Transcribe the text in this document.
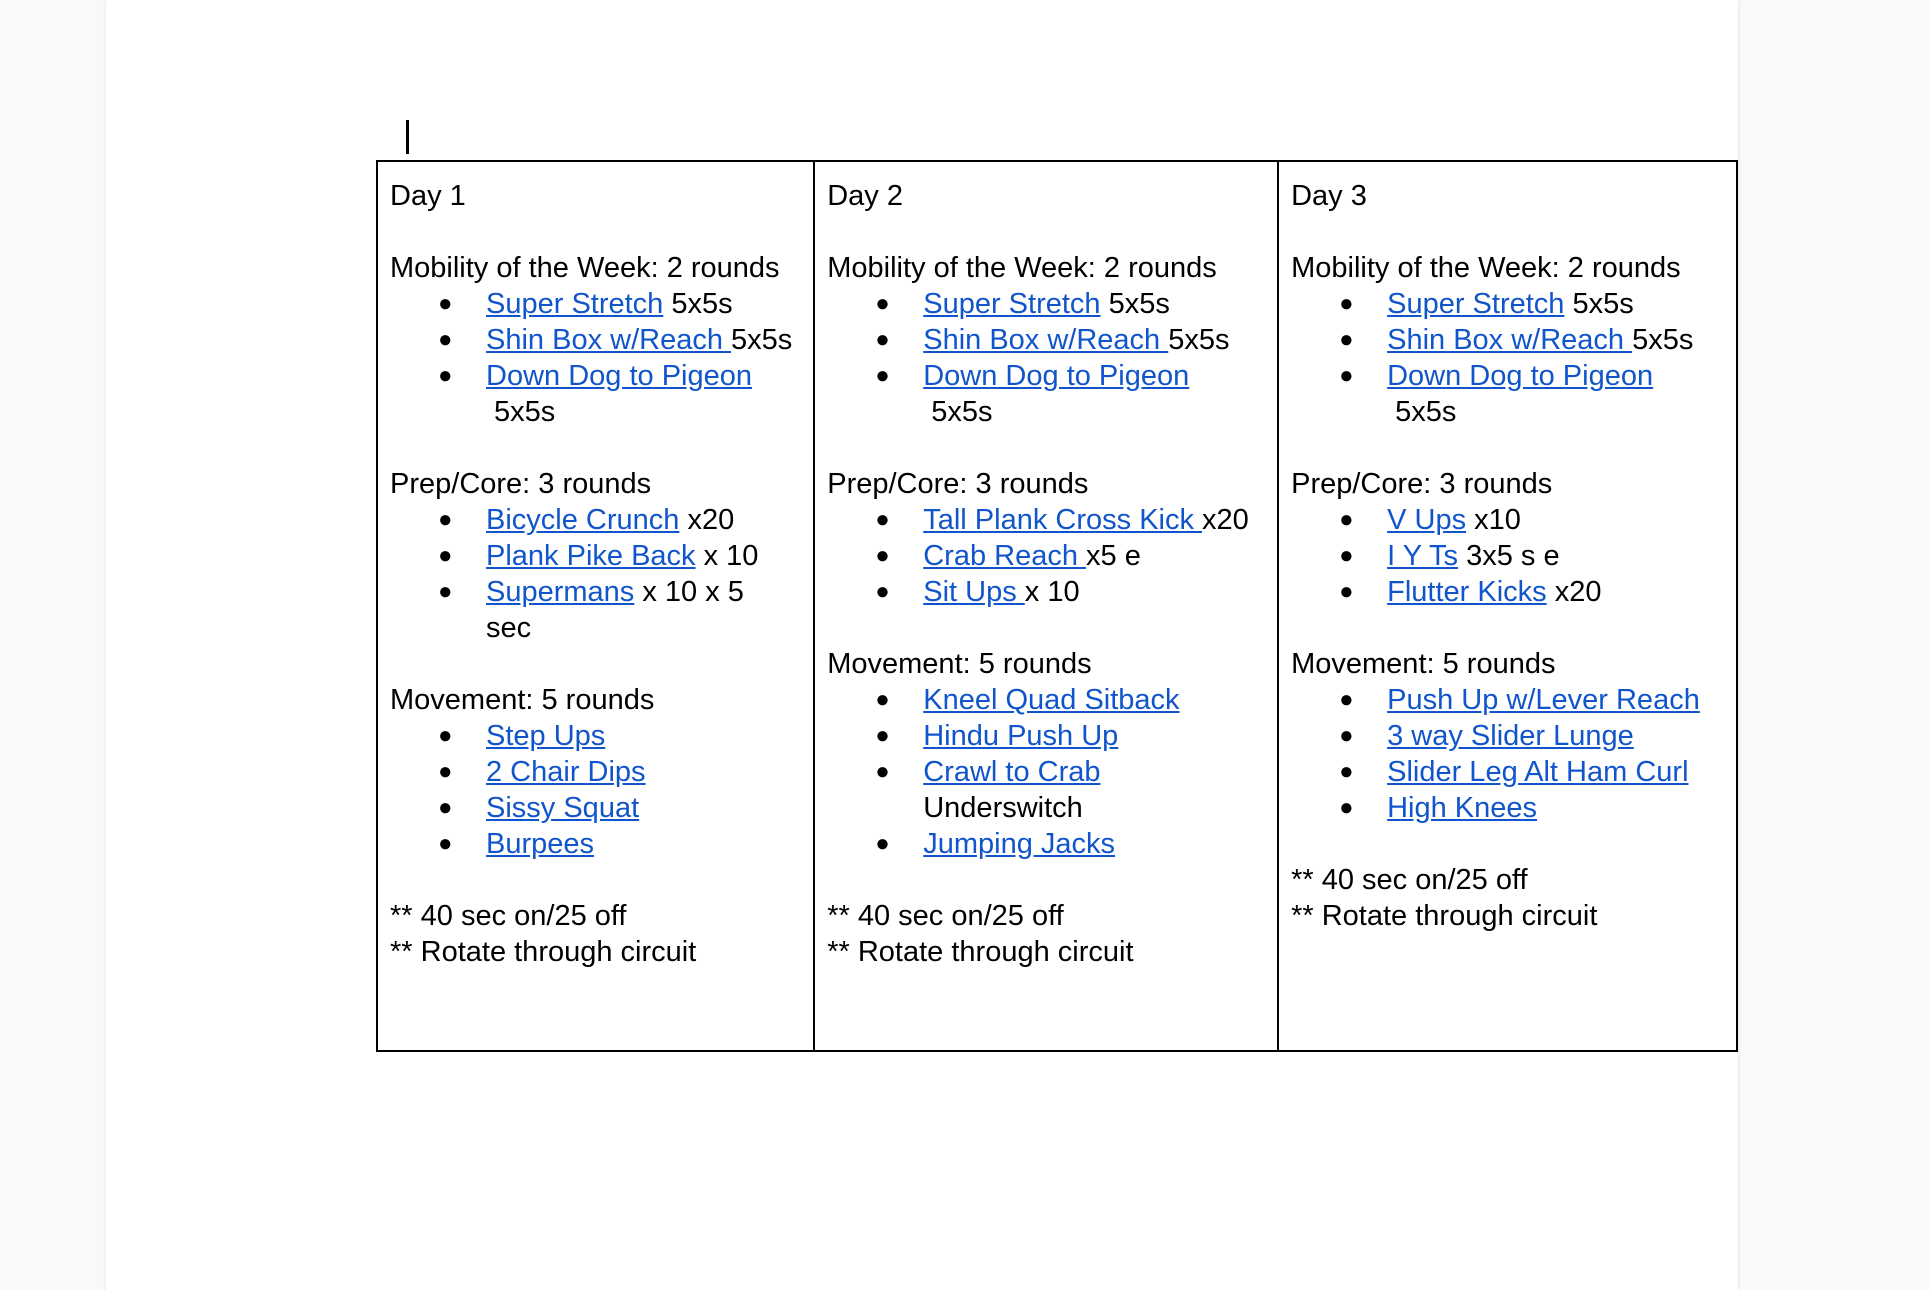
Day 1
Mobility of the Week: 2 rounds
● Super Stretch 5x5s
● Shin Box w/Reach 5x5s
● Down Dog to Pigeon
5x5s
Prep/Core: 3 rounds
● Bicycle Crunch x20
● Plank Pike Back x 10
● Supermans x 10 x 5
sec
Movement: 5 rounds
● Step Ups
● 2 Chair Dips
● Sissy Squat
● Burpees
** 40 sec on/25 off
** Rotate through circuit

Day 2
Mobility of the Week: 2 rounds
● Super Stretch 5x5s
● Shin Box w/Reach 5x5s
● Down Dog to Pigeon
5x5s
Prep/Core: 3 rounds
● Tall Plank Cross Kick x20
● Crab Reach x5 e
● Sit Ups x 10
Movement: 5 rounds
● Kneel Quad Sitback
● Hindu Push Up
● Crawl to Crab
Underswitch
● Jumping Jacks
** 40 sec on/25 off
** Rotate through circuit

Day 3
Mobility of the Week: 2 rounds
● Super Stretch 5x5s
● Shin Box w/Reach 5x5s
● Down Dog to Pigeon
5x5s
Prep/Core: 3 rounds
● V Ups x10
● I Y Ts 3x5 s e
● Flutter Kicks x20
Movement: 5 rounds
● Push Up w/Lever Reach
● 3 way Slider Lunge
● Slider Leg Alt Ham Curl
● High Knees
** 40 sec on/25 off
** Rotate through circuit
